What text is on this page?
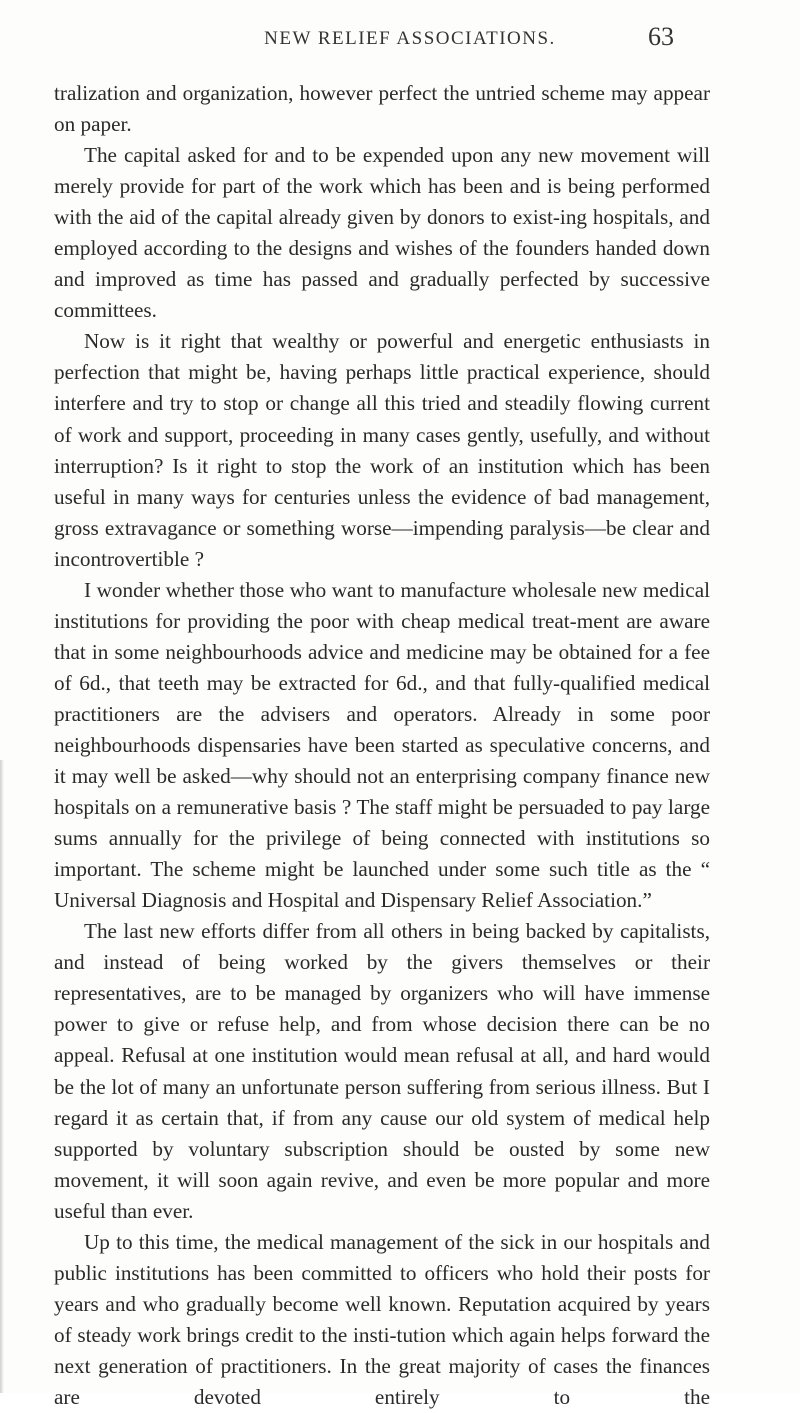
NEW RELIEF ASSOCIATIONS.	63

tralization and organization, however perfect the untried scheme may appear on paper.

The capital asked for and to be expended upon any new movement will merely provide for part of the work which has been and is being performed with the aid of the capital already given by donors to exist-ing hospitals, and employed according to the designs and wishes of the founders handed down and improved as time has passed and gradually perfected by successive committees.

Now is it right that wealthy or powerful and energetic enthusiasts in perfection that might be, having perhaps little practical experience, should interfere and try to stop or change all this tried and steadily flowing current of work and support, proceeding in many cases gently, usefully, and without interruption? Is it right to stop the work of an institution which has been useful in many ways for centuries unless the evidence of bad management, gross extravagance or something worse—impending paralysis—be clear and incontrovertible ?

I wonder whether those who want to manufacture wholesale new medical institutions for providing the poor with cheap medical treat-ment are aware that in some neighbourhoods advice and medicine may be obtained for a fee of 6d., that teeth may be extracted for 6d., and that fully-qualified medical practitioners are the advisers and operators. Already in some poor neighbourhoods dispensaries have been started as speculative concerns, and it may well be asked—why should not an enterprising company finance new hospitals on a remunerative basis ? The staff might be persuaded to pay large sums annually for the privilege of being connected with institutions so important. The scheme might be launched under some such title as the “ Universal Diagnosis and Hospital and Dispensary Relief Association.”

The last new efforts differ from all others in being backed by capitalists, and instead of being worked by the givers themselves or their representatives, are to be managed by organizers who will have immense power to give or refuse help, and from whose decision there can be no appeal. Refusal at one institution would mean refusal at all, and hard would be the lot of many an unfortunate person suffering from serious illness. But I regard it as certain that, if from any cause our old system of medical help supported by voluntary subscription should be ousted by some new movement, it will soon again revive, and even be more popular and more useful than ever.

Up to this time, the medical management of the sick in our hospitals and public institutions has been committed to officers who hold their posts for years and who gradually become well known. Reputation acquired by years of steady work brings credit to the insti-tution which again helps forward the next generation of practitioners. In the great majority of cases the finances are devoted entirely to the
